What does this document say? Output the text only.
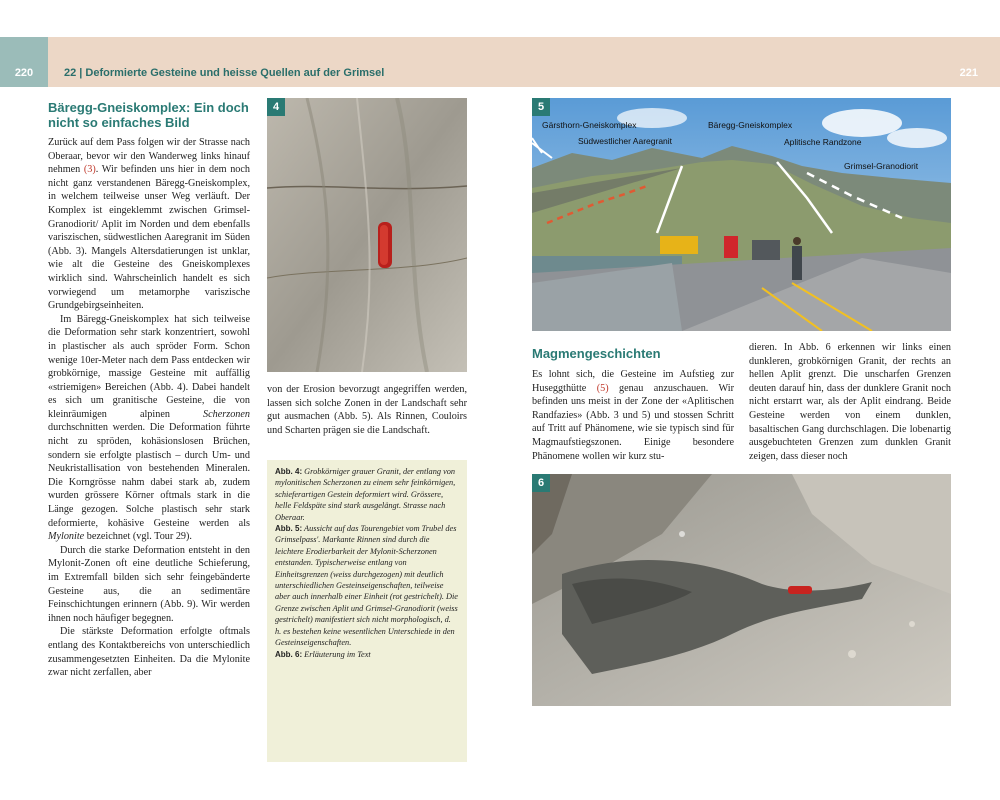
220	22 | Deformierte Gesteine und heisse Quellen auf der Grimsel	221
Bäregg-Gneiskomplex: Ein doch
nicht so einfaches Bild

Zurück auf dem Pass folgen wir der Strasse nach Oberaar, bevor wir den Wanderweg links hinauf nehmen (3). Wir befinden uns hier in dem noch nicht ganz verstandenen Bäregg-Gneiskomplex, in welchem teilweise unser Weg verläuft. Der Komplex ist eingeklemmt zwischen Grimsel-Granodiorit/ Aplit im Norden und dem ebenfalls variszischen, südwestlichen Aaregranit im Süden (Abb. 3). Mangels Altersdatierungen ist unklar, wie alt die Gesteine des Gneiskomplexes wirklich sind. Wahrscheinlich handelt es sich vorwiegend um metamorphe variszische Grundgebirgseinheiten.

Im Bäregg-Gneiskomplex hat sich teilweise die Deformation sehr stark konzentriert, sowohl in plastischer als auch spröder Form. Schon wenige 10er-Meter nach dem Pass entdecken wir grobkörnige, massige Gesteine mit auffällig «striemigen» Bereichen (Abb. 4). Dabei handelt es sich um granitische Gesteine, die von kleinräumigen alpinen Scherzonen durchschnitten werden. Die Deformation führte nicht zu spröden, kohäsionslosen Brüchen, sondern sie erfolgte plastisch – durch Um- und Neukristallisation von bestehenden Mineralen. Die Korngrösse nahm dabei stark ab, zudem wurden grössere Körner oftmals stark in die Länge gezogen. Solche plastisch sehr stark deformierte, kohäsive Gesteine werden als Mylonite bezeichnet (vgl. Tour 29).

Durch die starke Deformation entsteht in den Mylonit-Zonen oft eine deutliche Schieferung, im Extremfall bilden sich sehr feingebänderte Gesteine aus, die an sedimentäre Feinschichtungen erinnern (Abb. 9). Wir werden ihnen noch häufiger begegnen.

Die stärkste Deformation erfolgte oftmals entlang des Kontaktbereichs von unterschiedlich zusammengesetzten Einheiten. Da die Mylonite zwar nicht zerfallen, aber

4

von der Erosion bevorzugt angegriffen werden, lassen sich solche Zonen in der Landschaft sehr gut ausmachen (Abb. 5). Als Rinnen, Couloirs und Scharten prägen sie die Landschaft.

Abb. 4: Grobkörniger grauer Granit, der entlang von mylonitischen Scherzonen zu einem sehr feinkörnigen, schieferartigen Gestein deformiert wird. Grössere, helle Feldspäte sind stark ausgelängt. Strasse nach Oberaar.
Abb. 5: Aussicht auf das Tourengebiet vom Trubel des Grimselpass'. Markante Rinnen sind durch die leichtere Erodierbarkeit der Mylonit-Scherzonen entstanden. Typischerweise entlang von Einheitsgrenzen (weiss durchgezogen) mit deutlich unterschiedlichen Gesteinseigenschaften, teilweise aber auch innerhalb einer Einheit (rot gestrichelt). Die Grenze zwischen Aplit und Grimsel-Granodiorit (weiss gestrichelt) manifestiert sich nicht morphologisch, d. h. es bestehen keine wesentlichen Unterschiede in den Gesteinseigenschaften.
Abb. 6: Erläuterung im Text
Gärsthorn-Gneiskomplex
Südwestlicher Aaregranit
Bäregg-Gneiskomplex
Aplitische Randzone
Grimsel-Granodiorit
5
Magmengeschichten

Es lohnt sich, die Gesteine im Aufstieg zur Huseggthütte (5) genau anzuschauen. Wir befinden uns meist in der Zone der «Aplitischen Randfazies» (Abb. 3 und 5) und stossen Schritt auf Tritt auf Phänomene, wie sie typisch sind für Magmaufstiegszonen. Einige besondere Phänomene wollen wir kurz stu-

dieren. In Abb. 6 erkennen wir links einen dunkleren, grobkörnigen Granit, der rechts an hellen Aplit grenzt. Die unscharfen Grenzen deuten darauf hin, dass der dunklere Granit noch nicht erstarrt war, als der Aplit eindrang. Beide Gesteine werden von einem dunklen, basaltischen Gang durchschlagen. Die lobenartig ausgebuchteten Grenzen zum dunklen Granit zeigen, dass dieser noch

6
